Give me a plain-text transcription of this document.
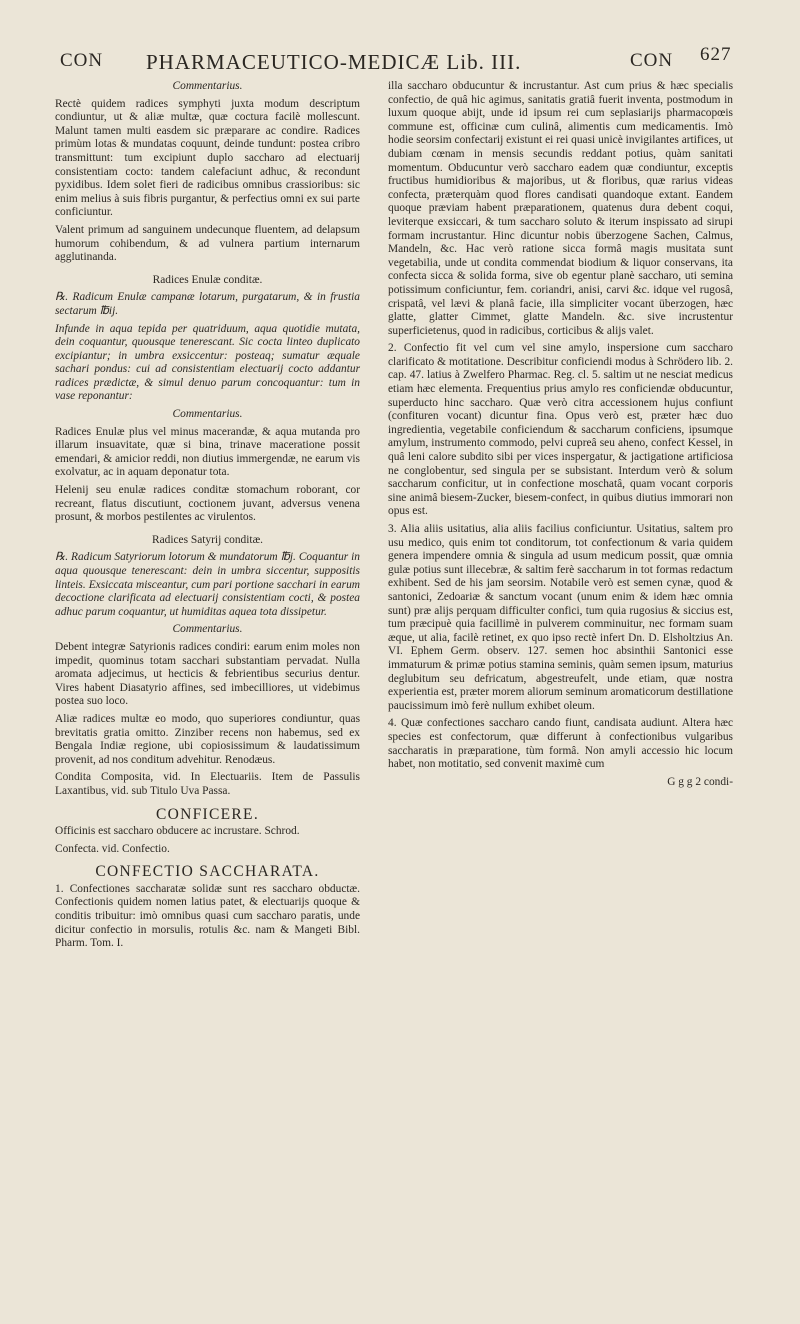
CON PHARMACEUTICO-MEDICÆ Lib. III.	CON 627

Commentarius.

Rectè quidem radices symphyti juxta modum descriptum condiuntur, ut & aliæ multæ, quæ coctura facilè mollescunt. Malunt tamen multi easdem sic præparare ac condire. Radices primùm lotas & mundatas coquunt, deinde tundunt: postea cribro transmittunt: tum excipiunt duplo saccharo ad electuarij consistentiam cocto: tandem calefaciunt adhuc, & recondunt pyxidibus. Idem solet fieri de radicibus omnibus crassioribus: sic enim melius à suis fibris purgantur, & perfectius omni ex sui parte conficiuntur.

Valent primum ad sanguinem undecunque fluentem, ad delapsum humorum cohibendum, & ad vulnera partium internarum agglutinanda.

Radices Enulæ conditæ.

℞. Radicum Enulæ campanæ lotarum, purgatarum, & in frustia sectarum ℔ij.

Infunde in aqua tepida per quatriduum, aqua quotidie mutata, dein coquantur, quousque tenerescant. Sic cocta linteo duplicato excipiantur; in umbra exsiccentur: posteaq; sumatur æquale sachari pondus: cui ad consistentiam electuarij cocto addantur radices prædictæ, & simul denuo parum concoquantur: tum in vase reponantur:

Commentarius.

Radices Enulæ plus vel minus macerandæ, & aqua mutanda pro illarum insuavitate, quæ si bina, trinave maceratione possit emendari, & amicior reddi, non diutius immergendæ, ne earum vis exolvatur, ac in aquam deponatur tota.

Helenij seu enulæ radices conditæ stomachum roborant, cor recreant, flatus discutiunt, coctionem juvant, adversus venena prosunt, & morbos pestilentes ac virulentos.

Radices Satyrij conditæ.

℞. Radicum Satyriorum lotorum & mundatorum ℔j. Coquantur in aqua quousque tenerescant: dein in umbra siccentur, suppositis linteis. Exsiccata misceantur, cum pari portione sacchari in earum decoctione clarificata ad electuarij consistentiam cocti, & postea adhuc parum coquantur, ut humiditas aquea tota dissipetur.

Commentarius.

Debent integræ Satyrionis radices condiri: earum enim moles non impedit, quominus totam sacchari substantiam pervadat. Nulla aromata adjecimus, ut hecticis & febrientibus securius dentur. Vires habent Diasatyrio affines, sed imbecilliores, ut videbimus postea suo loco.

Aliæ radices multæ eo modo, quo superiores condiuntur, quas brevitatis gratia omitto. Zinziber recens non habemus, sed ex Bengala Indiæ regione, ubi copiosissimum & laudatissimum provenit, ad nos conditum advehitur. Renodæus.

Condita Composita, vid. In Electuariis. Item de Passulis Laxantibus, vid. sub Titulo Uva Passa.

CONFICERE.

Officinis est saccharo obducere ac incrustare. Schrod.

Confecta. vid. Confectio.

CONFECTIO SACCHARATA.

1. Confectiones saccharatæ solidæ sunt res saccharo obductæ. Confectionis quidem nomen latius patet, & electuarijs quoque & conditis tribuitur: imò omnibus quasi cum saccharo paratis, unde dicitur confectio in morsulis, rotulis &c. nam & Mangeti Bibl. Pharm. Tom. I.

illa saccharo obducuntur & incrustantur. Ast cum prius & hæc specialis confectio, de quâ hic agimus, sanitatis gratiâ fuerit inventa, postmodum in luxum quoque abijt, unde id ipsum rei cum seplasiarijs pharmacopœis commune est, officinæ cum culinâ, alimentis cum medicamentis. Imò hodie seorsim confectarij existunt ei rei quasi unicè invigilantes artifices, ut dubiam cœnam in mensis secundis reddant potius, quàm sanitati momentum. Obducuntur verò saccharo eadem quæ condiuntur, exceptis fructibus humidioribus & majoribus, ut & floribus, quæ rarius videas confecta, præterquàm quod flores candisati quandoque extant. Eandem quoque præviam habent præparationem, quatenus dura debent coqui, leviterque exsiccari, & tum saccharo soluto & iterum inspissato ad sirupi formam incrustantur. Hinc dicuntur nobis überzogene Sachen, Calmus, Mandeln, &c. Hac verò ratione sicca formâ magis musitata sunt vegetabilia, unde ut condita commendat biodium & liquor conservans, ita confecta sicca & solida forma, sive ob egentur planè saccharo, uti semina potissimum conficiuntur, fem. coriandri, anisi, carvi &c. idque vel rugosâ, crispatâ, vel lævi & planâ facie, illa simpliciter vocant überzogen, hæc glatte, glatter Cimmet, glatte Mandeln. &c. sive incrustentur superficietenus, quod in radicibus, corticibus & alijs valet.

2. Confectio fit vel cum vel sine amylo, inspersione cum saccharo clarificato & motitatione. Describitur conficiendi modus à Schrödero lib. 2. cap. 47. latius à Zwelfero Pharmac. Reg. cl. 5. saltim ut ne nesciat medicus etiam hæc elementa. Frequentius prius amylo res conficiendæ obducuntur, superducto hinc saccharo. Quæ verò citra accessionem hujus confiunt (confituren vocant) dicuntur fina. Opus verò est, præter hæc duo ingredientia, vegetabile conficiendum & saccharum conficiens, ipsumque amylum, instrumento commodo, pelvi cupreâ seu aheno, confect Kessel, in quâ leni calore subdito sibi per vices inspergatur, & jactigatione artificiosa ne conglobentur, sed singula per se subsistant. Interdum verò & solum saccharum conficitur, ut in confectione moschatâ, quam vocant corporis sine animâ biesem-Zucker, biesem-confect, in quibus diutius immorari non opus est.

3. Alia aliis usitatius, alia aliis facilius conficiuntur. Usitatius, saltem pro usu medico, quis enim tot conditorum, tot confectionum & varia quidem genera impendere omnia & singula ad usum medicum possit, quæ omnia gulæ potius sunt illecebræ, & saltim ferè saccharum in tot formas redactum exhibent. Sed de his jam seorsim. Notabile verò est semen cynæ, quod & santonici, Zedoariæ & sanctum vocant (unum enim & idem hæc omnia sunt) præ alijs perquam difficulter confici, tum quia rugosius & siccius est, tum præcipuè quia facillimè in pulverem comminuitur, nec formam suam æque, ut alia, facilè retinet, ex quo ipso rectè infert Dn. D. Elsholtzius An. VI. Ephem Germ. observ. 127. semen hoc absinthii Santonici esse immaturum & primæ potius stamina seminis, quàm semen ipsum, maturius deglubitum seu defricatum, abgestreufelt, unde etiam, quæ nostra experientia est, præter morem aliorum seminum aromaticorum destillatione paucissimum imò ferè nullum exhibet oleum.

4. Quæ confectiones saccharo cando fiunt, candisata audiunt. Altera hæc species est confectorum, quæ differunt à confectionibus vulgaribus saccharatis in præparatione, tùm formâ. Non amyli accessio hic locum habet, non motitatio, sed convenit maximè cum

G g g 2 condi-
